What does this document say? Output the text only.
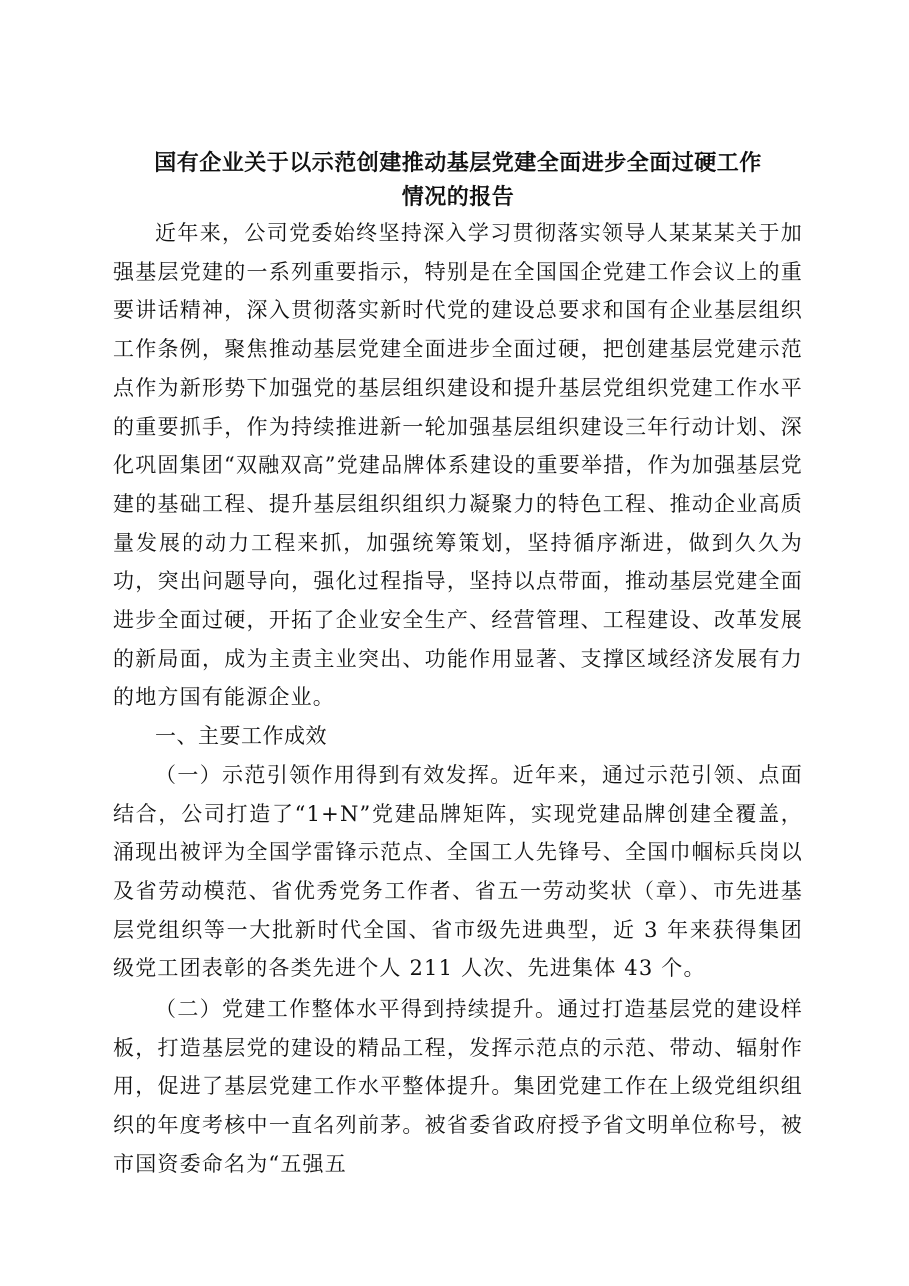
国有企业关于以示范创建推动基层党建全面进步全面过硬工作
情况的报告

近年来，公司党委始终坚持深入学习贯彻落实领导人某某某关于加强基层党建的一系列重要指示，特别是在全国国企党建工作会议上的重要讲话精神，深入贯彻落实新时代党的建设总要求和国有企业基层组织工作条例，聚焦推动基层党建全面进步全面过硬，把创建基层党建示范点作为新形势下加强党的基层组织建设和提升基层党组织党建工作水平的重要抓手，作为持续推进新一轮加强基层组织建设三年行动计划、深化巩固集团“双融双高”党建品牌体系建设的重要举措，作为加强基层党建的基础工程、提升基层组织组织力凝聚力的特色工程、推动企业高质量发展的动力工程来抓，加强统筹策划，坚持循序渐进，做到久久为功，突出问题导向，强化过程指导，坚持以点带面，推动基层党建全面进步全面过硬，开拓了企业安全生产、经营管理、工程建设、改革发展的新局面，成为主责主业突出、功能作用显著、支撑区域经济发展有力的地方国有能源企业。

一、主要工作成效

（一）示范引领作用得到有效发挥。近年来，通过示范引领、点面结合，公司打造了“1+N”党建品牌矩阵，实现党建品牌创建全覆盖，涌现出被评为全国学雷锋示范点、全国工人先锋号、全国巾帼标兵岗以及省劳动模范、省优秀党务工作者、省五一劳动奖状（章）、市先进基层党组织等一大批新时代全国、省市级先进典型，近 3 年来获得集团级党工团表彰的各类先进个人 211 人次、先进集体 43 个。

（二）党建工作整体水平得到持续提升。通过打造基层党的建设样板，打造基层党的建设的精品工程，发挥示范点的示范、带动、辐射作用，促进了基层党建工作水平整体提升。集团党建工作在上级党组织组织的年度考核中一直名列前茅。被省委省政府授予省文明单位称号，被市国资委命名为“五强五
